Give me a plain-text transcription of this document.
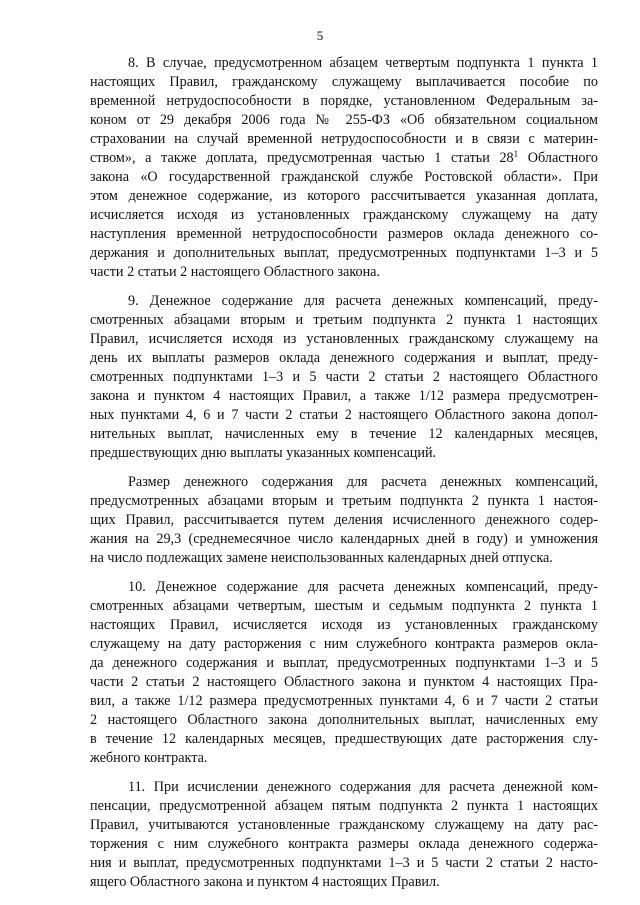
5
8. В случае, предусмотренном абзацем четвертым подпункта 1 пункта 1
настоящих Правил, гражданскому служащему выплачивается пособие по
временной нетрудоспособности в порядке, установленном Федеральным за-
коном от 29 декабря 2006 года № 255-ФЗ «Об обязательном социальном
страховании на случай временной нетрудоспособности и в связи с материн-
ством», а также доплата, предусмотренная частью 1 статьи $28^1$ Областного
закона «О государственной гражданской службе Ростовской области». При
этом денежное содержание, из которого рассчитывается указанная доплата,
исчисляется исходя из установленных гражданскому служащему на дату
наступления временной нетрудоспособности размеров оклада денежного со-
держания и дополнительных выплат, предусмотренных подпунктами 1–3 и 5
части 2 статьи 2 настоящего Областного закона.
9. Денежное содержание для расчета денежных компенсаций, преду-
смотренных абзацами вторым и третьим подпункта 2 пункта 1 настоящих
Правил, исчисляется исходя из установленных гражданскому служащему на
день их выплаты размеров оклада денежного содержания и выплат, преду-
смотренных подпунктами 1–3 и 5 части 2 статьи 2 настоящего Областного
закона и пунктом 4 настоящих Правил, а также 1/12 размера предусмотрен-
ных пунктами 4, 6 и 7 части 2 статьи 2 настоящего Областного закона допол-
нительных выплат, начисленных ему в течение 12 календарных месяцев,
предшествующих дню выплаты указанных компенсаций.
Размер денежного содержания для расчета денежных компенсаций,
предусмотренных абзацами вторым и третьим подпункта 2 пункта 1 настоя-
щих Правил, рассчитывается путем деления исчисленного денежного содер-
жания на 29,3 (среднемесячное число календарных дней в году) и умножения
на число подлежащих замене неиспользованных календарных дней отпуска.
10. Денежное содержание для расчета денежных компенсаций, преду-
смотренных абзацами четвертым, шестым и седьмым подпункта 2 пункта 1
настоящих Правил, исчисляется исходя из установленных гражданскому
служащему на дату расторжения с ним служебного контракта размеров окла-
да денежного содержания и выплат, предусмотренных подпунктами 1–3 и 5
части 2 статьи 2 настоящего Областного закона и пунктом 4 настоящих Пра-
вил, а также 1/12 размера предусмотренных пунктами 4, 6 и 7 части 2 статьи
2 настоящего Областного закона дополнительных выплат, начисленных ему
в течение 12 календарных месяцев, предшествующих дате расторжения слу-
жебного контракта.
11. При исчислении денежного содержания для расчета денежной ком-
пенсации, предусмотренной абзацем пятым подпункта 2 пункта 1 настоящих
Правил, учитываются установленные гражданскому служащему на дату рас-
торжения с ним служебного контракта размеры оклада денежного содержа-
ния и выплат, предусмотренных подпунктами 1–3 и 5 части 2 статьи 2 насто-
ящего Областного закона и пунктом 4 настоящих Правил.
